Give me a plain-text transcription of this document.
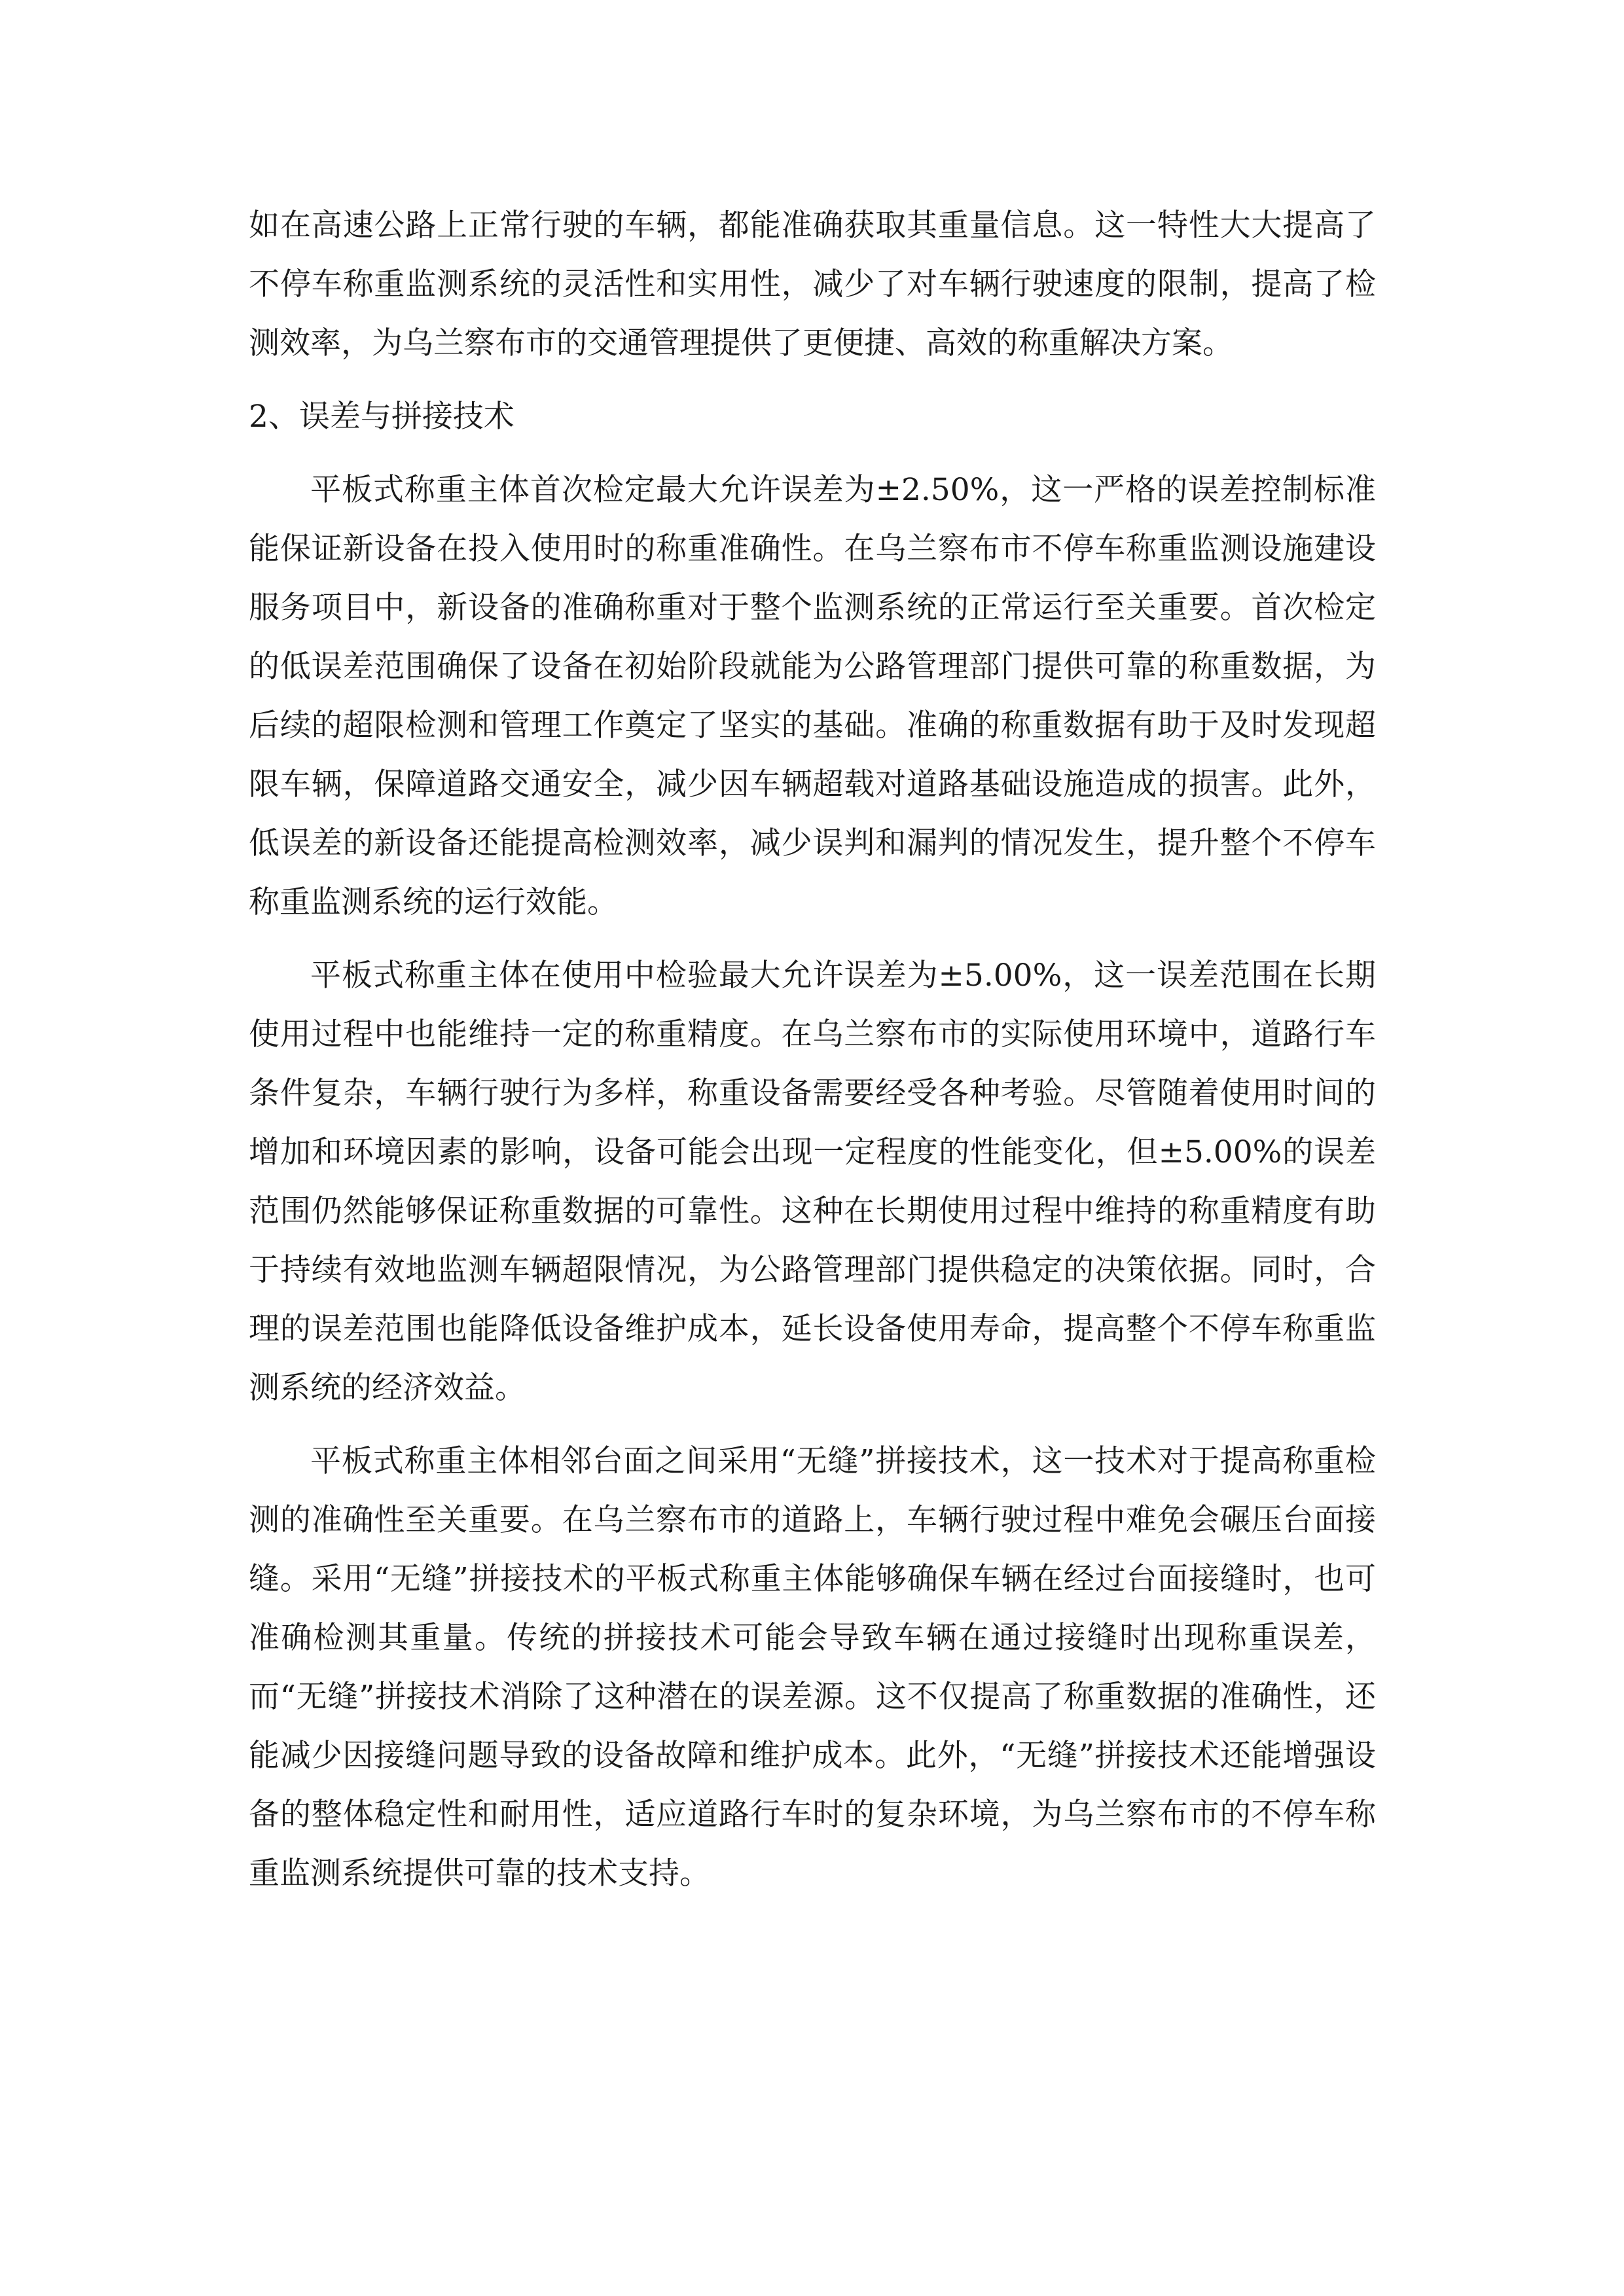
如在高速公路上正常行驶的车辆，都能准确获取其重量信息。这一特性大大提高了不停车称重监测系统的灵活性和实用性，减少了对车辆行驶速度的限制，提高了检测效率，为乌兰察布市的交通管理提供了更便捷、高效的称重解决方案。

2、误差与拼接技术

平板式称重主体首次检定最大允许误差为±2.50%，这一严格的误差控制标准能保证新设备在投入使用时的称重准确性。在乌兰察布市不停车称重监测设施建设服务项目中，新设备的准确称重对于整个监测系统的正常运行至关重要。首次检定的低误差范围确保了设备在初始阶段就能为公路管理部门提供可靠的称重数据，为后续的超限检测和管理工作奠定了坚实的基础。准确的称重数据有助于及时发现超限车辆，保障道路交通安全，减少因车辆超载对道路基础设施造成的损害。此外，低误差的新设备还能提高检测效率，减少误判和漏判的情况发生，提升整个不停车称重监测系统的运行效能。

平板式称重主体在使用中检验最大允许误差为±5.00%，这一误差范围在长期使用过程中也能维持一定的称重精度。在乌兰察布市的实际使用环境中，道路行车条件复杂，车辆行驶行为多样，称重设备需要经受各种考验。尽管随着使用时间的增加和环境因素的影响，设备可能会出现一定程度的性能变化，但±5.00%的误差范围仍然能够保证称重数据的可靠性。这种在长期使用过程中维持的称重精度有助于持续有效地监测车辆超限情况，为公路管理部门提供稳定的决策依据。同时，合理的误差范围也能降低设备维护成本，延长设备使用寿命，提高整个不停车称重监测系统的经济效益。

平板式称重主体相邻台面之间采用“无缝”拼接技术，这一技术对于提高称重检测的准确性至关重要。在乌兰察布市的道路上，车辆行驶过程中难免会碾压台面接缝。采用“无缝”拼接技术的平板式称重主体能够确保车辆在经过台面接缝时，也可准确检测其重量。传统的拼接技术可能会导致车辆在通过接缝时出现称重误差，而“无缝”拼接技术消除了这种潜在的误差源。这不仅提高了称重数据的准确性，还能减少因接缝问题导致的设备故障和维护成本。此外，“无缝”拼接技术还能增强设备的整体稳定性和耐用性，适应道路行车时的复杂环境，为乌兰察布市的不停车称重监测系统提供可靠的技术支持。
